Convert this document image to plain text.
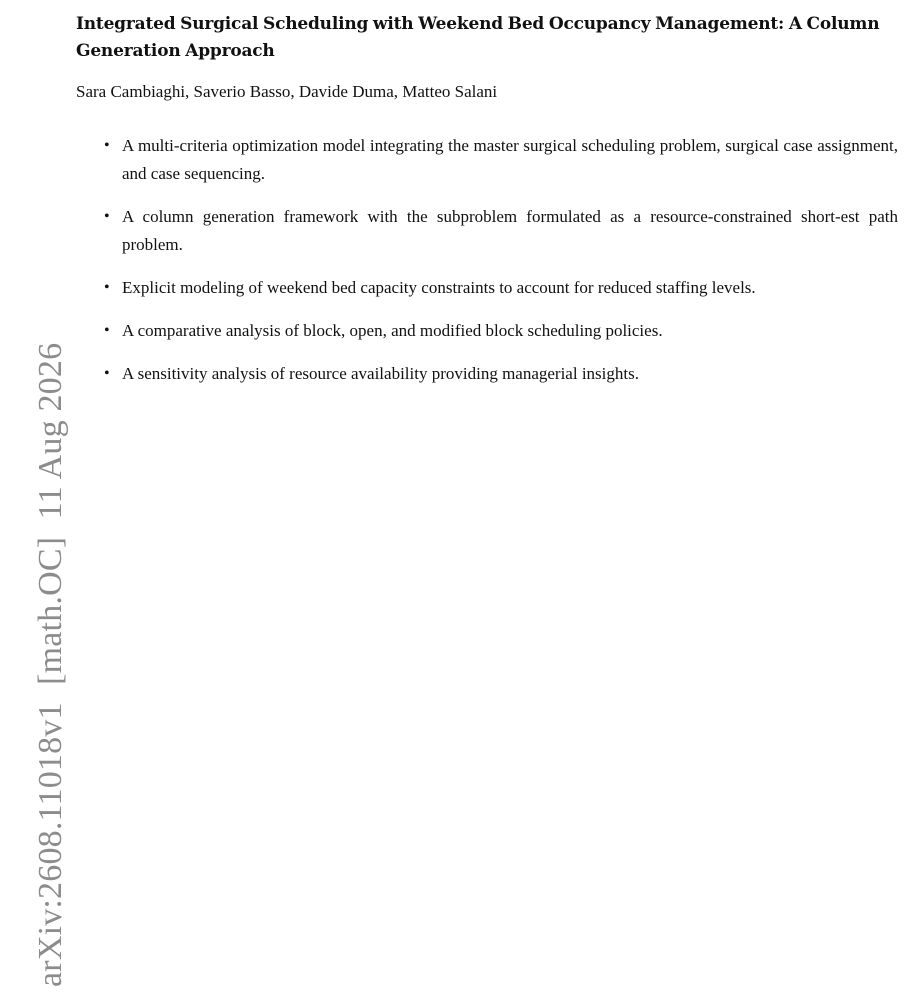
Integrated Surgical Scheduling with Weekend Bed Occupancy Management: A Column Generation Approach

Sara Cambiaghi, Saverio Basso, Davide Duma, Matteo Salani

• A multi-criteria optimization model integrating the master surgical scheduling problem, surgical case assignment, and case sequencing.
• A column generation framework with the subproblem formulated as a resource-constrained short-est path problem.
• Explicit modeling of weekend bed capacity constraints to account for reduced staffing levels.
• A comparative analysis of block, open, and modified block scheduling policies.
• A sensitivity analysis of resource availability providing managerial insights.
arXiv:2608.11018v1  [math.OC]  11 Aug 2026
